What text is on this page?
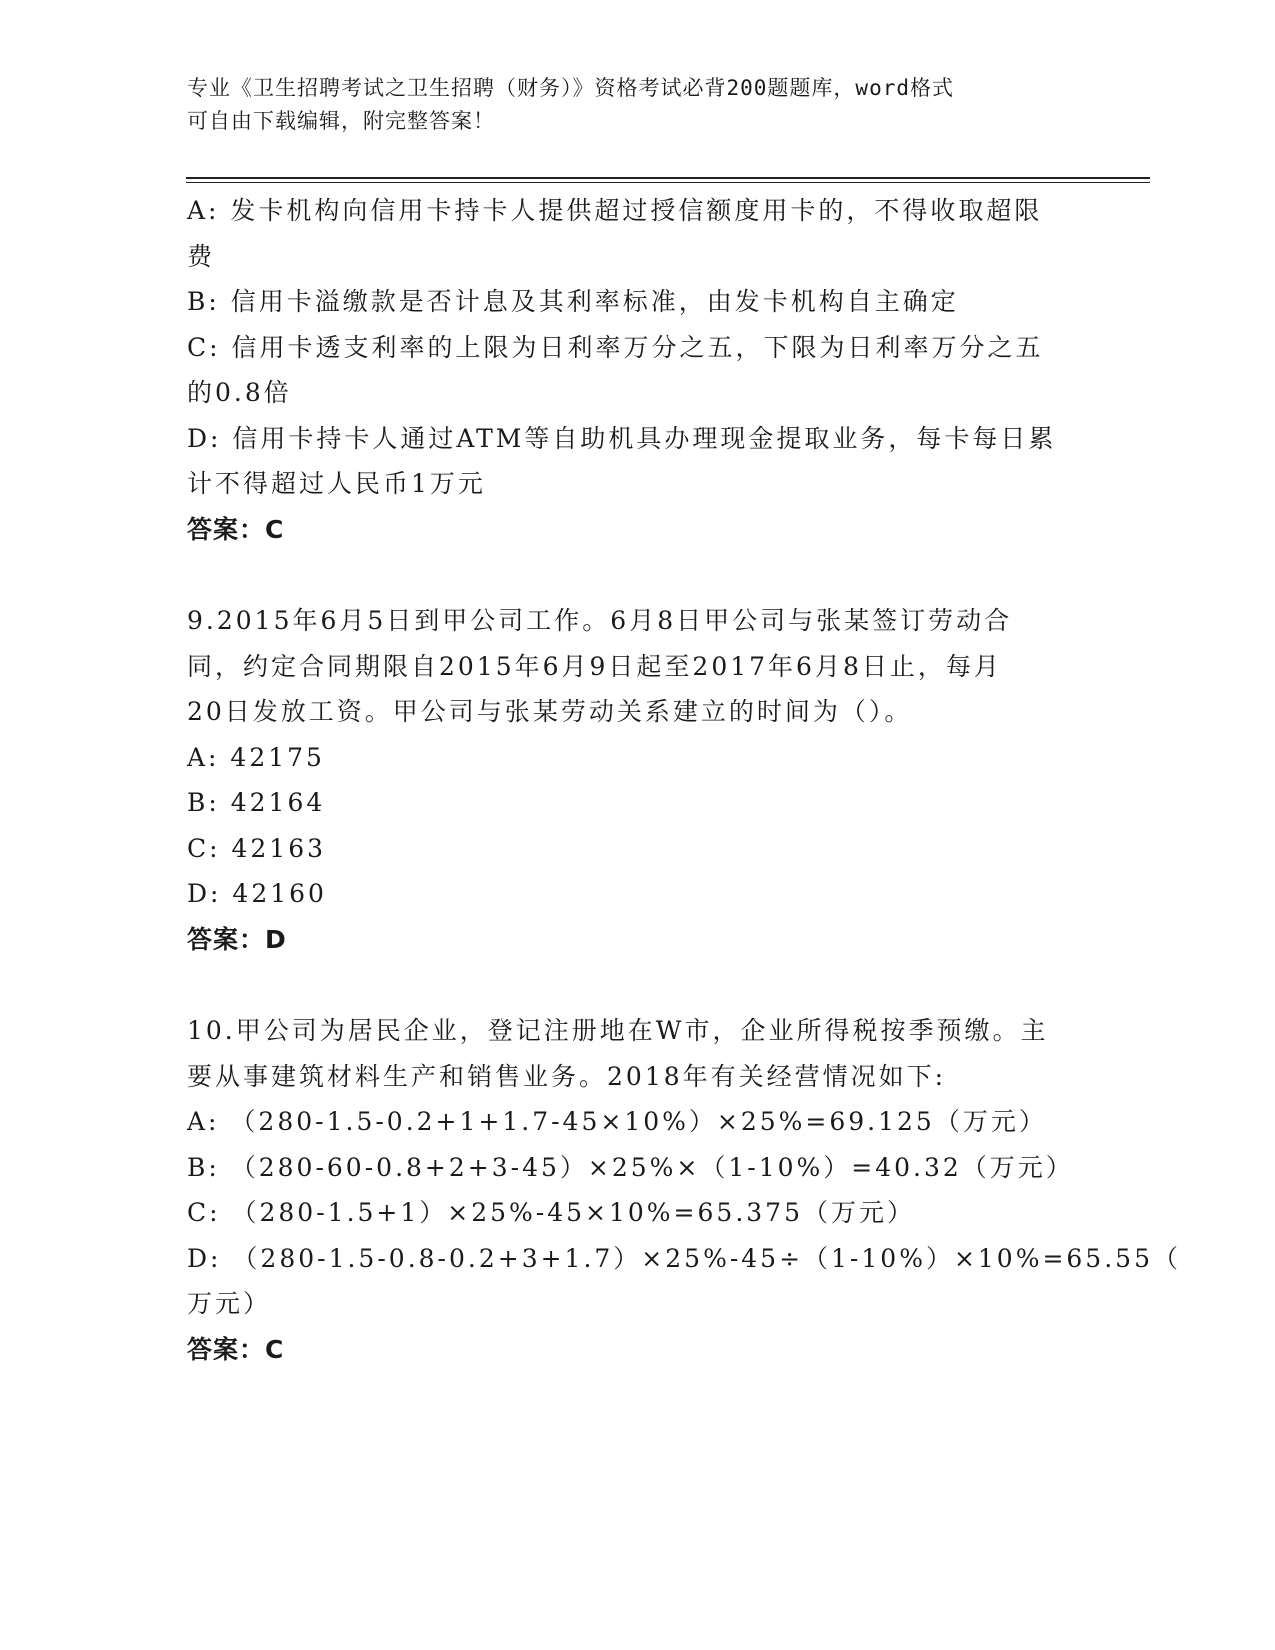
专业《卫生招聘考试之卫生招聘（财务）》资格考试必背200题题库，word格式
可自由下载编辑，附完整答案！
A: 发卡机构向信用卡持卡人提供超过授信额度用卡的，不得收取超限
费
B: 信用卡溢缴款是否计息及其利率标准，由发卡机构自主确定
C: 信用卡透支利率的上限为日利率万分之五，下限为日利率万分之五
的0.8倍
D: 信用卡持卡人通过ATM等自助机具办理现金提取业务，每卡每日累
计不得超过人民币1万元
答案：C
9.2015年6月5日到甲公司工作。6月8日甲公司与张某签订劳动合
同，约定合同期限自2015年6月9日起至2017年6月8日止，每月
20日发放工资。甲公司与张某劳动关系建立的时间为（）。
A: 42175
B: 42164
C: 42163
D: 42160
答案：D
10.甲公司为居民企业，登记注册地在W市，企业所得税按季预缴。主
要从事建筑材料生产和销售业务。2018年有关经营情况如下:
A: （280-1.5-0.2+1+1.7-45×10%）×25%=69.125（万元）
B: （280-60-0.8+2+3-45）×25%×（1-10%）=40.32（万元）
C: （280-1.5+1）×25%-45×10%=65.375（万元）
D: （280-1.5-0.8-0.2+3+1.7）×25%-45÷（1-10%）×10%=65.55（
万元）
答案：C
